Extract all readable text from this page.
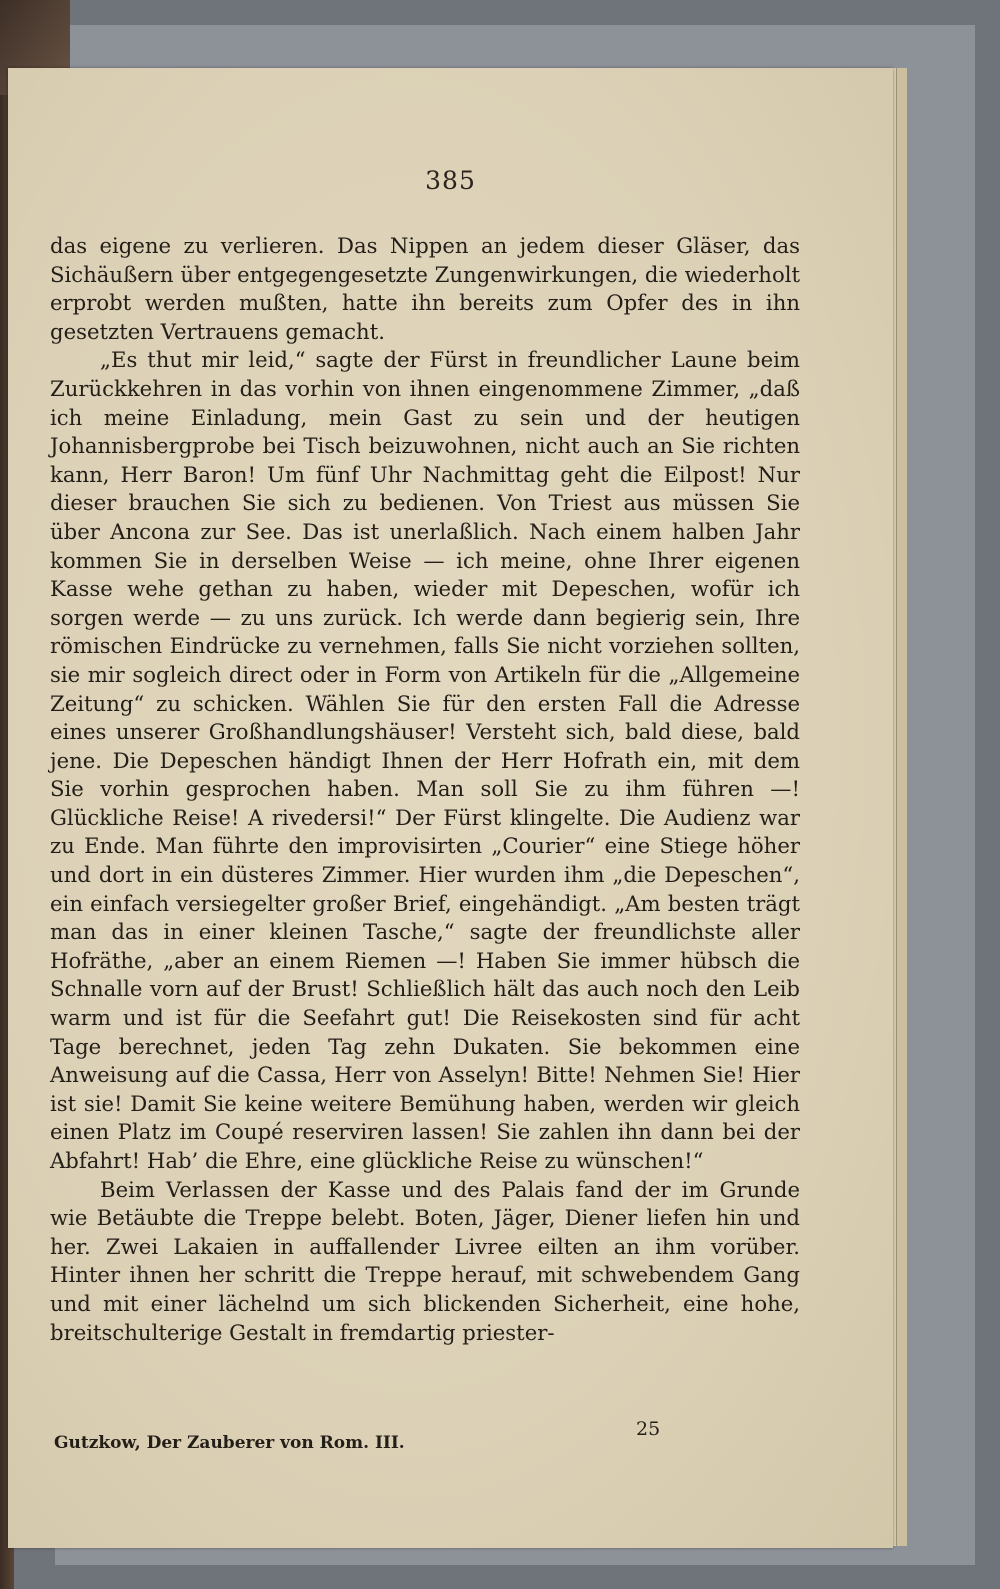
385

das eigene zu verlieren. Das Nippen an jedem dieser Gläser, das Sichäußern über entgegengesetzte Zungenwirkungen, die wiederholt erprobt werden mußten, hatte ihn bereits zum Opfer des in ihn gesetzten Vertrauens gemacht.

„Es thut mir leid,“ sagte der Fürst in freundlicher Laune beim Zurückkehren in das vorhin von ihnen eingenommene Zimmer, „daß ich meine Einladung, mein Gast zu sein und der heutigen Johannisbergprobe bei Tisch beizuwohnen, nicht auch an Sie richten kann, Herr Baron! Um fünf Uhr Nachmittag geht die Eilpost! Nur dieser brauchen Sie sich zu bedienen. Von Triest aus müssen Sie über Ancona zur See. Das ist unerlaßlich. Nach einem halben Jahr kommen Sie in derselben Weise — ich meine, ohne Ihrer eigenen Kasse wehe gethan zu haben, wieder mit Depeschen, wofür ich sorgen werde — zu uns zurück. Ich werde dann begierig sein, Ihre römischen Eindrücke zu vernehmen, falls Sie nicht vorziehen sollten, sie mir sogleich direct oder in Form von Artikeln für die „Allgemeine Zeitung“ zu schicken. Wählen Sie für den ersten Fall die Adresse eines unserer Großhandlungshäuser! Versteht sich, bald diese, bald jene. Die Depeschen händigt Ihnen der Herr Hofrath ein, mit dem Sie vorhin gesprochen haben. Man soll Sie zu ihm führen —! Glückliche Reise! A rivedersi!“ Der Fürst klingelte. Die Audienz war zu Ende. Man führte den improvisirten „Courier“ eine Stiege höher und dort in ein düsteres Zimmer. Hier wurden ihm „die Depeschen“, ein einfach versiegelter großer Brief, eingehändigt. „Am besten trägt man das in einer kleinen Tasche,“ sagte der freundlichste aller Hofräthe, „aber an einem Riemen —! Haben Sie immer hübsch die Schnalle vorn auf der Brust! Schließlich hält das auch noch den Leib warm und ist für die Seefahrt gut! Die Reisekosten sind für acht Tage berechnet, jeden Tag zehn Dukaten. Sie bekommen eine Anweisung auf die Cassa, Herr von Asselyn! Bitte! Nehmen Sie! Hier ist sie! Damit Sie keine weitere Bemühung haben, werden wir gleich einen Platz im Coupé reserviren lassen! Sie zahlen ihn dann bei der Abfahrt! Hab’ die Ehre, eine glückliche Reise zu wünschen!“

Beim Verlassen der Kasse und des Palais fand der im Grunde wie Betäubte die Treppe belebt. Boten, Jäger, Diener liefen hin und her. Zwei Lakaien in auffallender Livree eilten an ihm vorüber. Hinter ihnen her schritt die Treppe herauf, mit schwebendem Gang und mit einer lächelnd um sich blickenden Sicherheit, eine hohe, breitschulterige Gestalt in fremdartig priester-

Gutzkow, Der Zauberer von Rom. III.
25
